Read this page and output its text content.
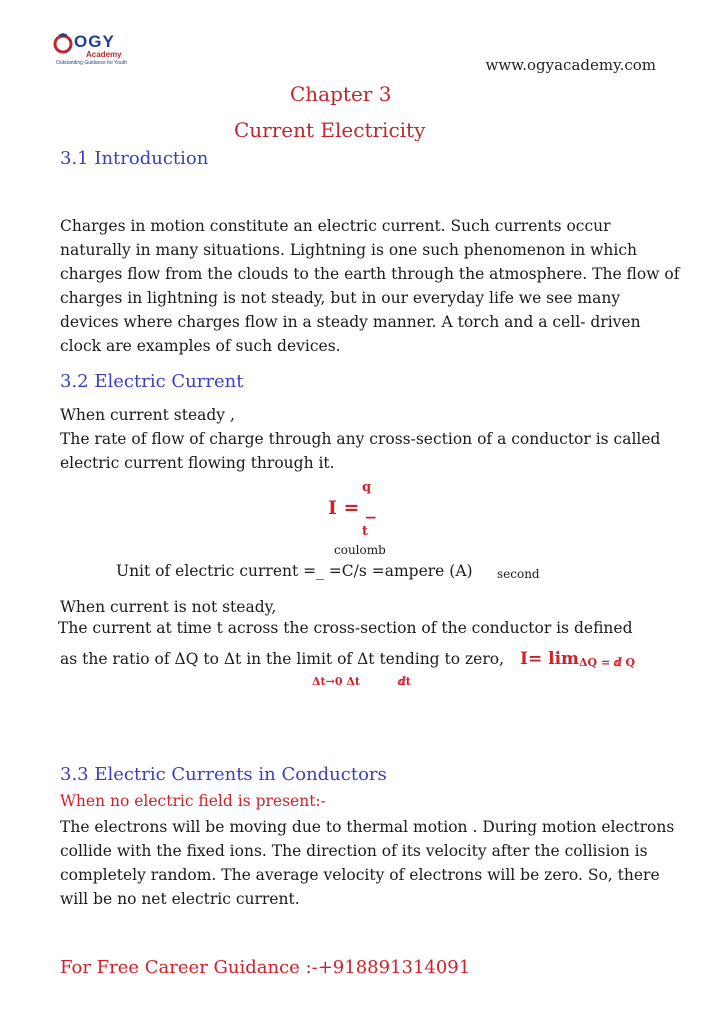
OGY
Academy
Outstanding Guidance for Youth	www.ogyacademy.com
Chapter 3
Current Electricity
3.1 Introduction
Charges in motion constitute an electric current. Such currents occur naturally in many situations. Lightning is one such phenomenon in which charges flow from the clouds to the earth through the atmosphere. The flow of charges in lightning is not steady, but in our everyday life we see many devices where charges flow in a steady manner. A torch and a cell- driven clock are examples of such devices.
3.2 Electric Current
When current steady ,
The rate of flow of charge through any cross-section of a conductor is called electric current flowing through it.
q
I = _
t
coulomb
Unit of electric current =_ =C/s =ampere (A) second
When current is not steady,
The current at time t across the cross-section of the conductor is defined
as the ratio of ΔQ to Δt in the limit of Δt tending to zero, I= lim ΔQ = ⅆ Q
Δt→0 Δt	ⅆt
3.3 Electric Currents in Conductors
When no electric field is present:-
The electrons will be moving due to thermal motion . During motion electrons collide with the fixed ions. The direction of its velocity after the collision is completely random. The average velocity of electrons will be zero. So, there will be no net electric current.
For Free Career Guidance :-+918891314091
